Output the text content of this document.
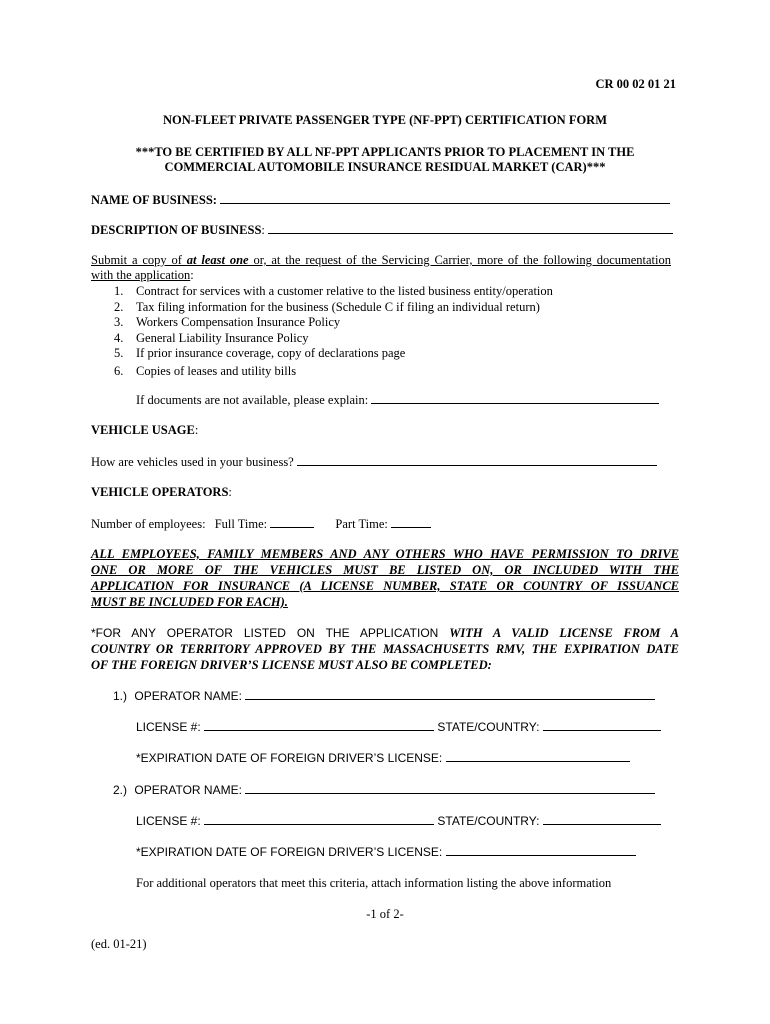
CR 00 02 01 21
NON-FLEET PRIVATE PASSENGER TYPE (NF-PPT) CERTIFICATION FORM
***TO BE CERTIFIED BY ALL NF-PPT APPLICANTS PRIOR TO PLACEMENT IN THE
COMMERCIAL AUTOMOBILE INSURANCE RESIDUAL MARKET (CAR)***
NAME OF BUSINESS:
DESCRIPTION OF BUSINESS:
Submit a copy of at least one or, at the request of the Servicing Carrier, more of the following documentation
with the application:
1. Contract for services with a customer relative to the listed business entity/operation
2. Tax filing information for the business (Schedule C if filing an individual return)
3. Workers Compensation Insurance Policy
4. General Liability Insurance Policy
5. If prior insurance coverage, copy of declarations page
6. Copies of leases and utility bills
If documents are not available, please explain:
VEHICLE USAGE:
How are vehicles used in your business?
VEHICLE OPERATORS:
Number of employees: Full Time:	Part Time:
ALL EMPLOYEES, FAMILY MEMBERS AND ANY OTHERS WHO HAVE PERMISSION TO DRIVE
ONE OR MORE OF THE VEHICLES MUST BE LISTED ON, OR INCLUDED WITH THE
APPLICATION FOR INSURANCE (A LICENSE NUMBER, STATE OR COUNTRY OF ISSUANCE
MUST BE INCLUDED FOR EACH).
*FOR ANY OPERATOR LISTED ON THE APPLICATION WITH A VALID LICENSE FROM A
COUNTRY OR TERRITORY APPROVED BY THE MASSACHUSETTS RMV, THE EXPIRATION DATE
OF THE FOREIGN DRIVER’S LICENSE MUST ALSO BE COMPLETED:
1.) OPERATOR NAME:
LICENSE #:	STATE/COUNTRY:
*EXPIRATION DATE OF FOREIGN DRIVER’S LICENSE:
2.) OPERATOR NAME:
LICENSE #:	STATE/COUNTRY:
*EXPIRATION DATE OF FOREIGN DRIVER’S LICENSE:
For additional operators that meet this criteria, attach information listing the above information
-1 of 2-
(ed. 01-21)
